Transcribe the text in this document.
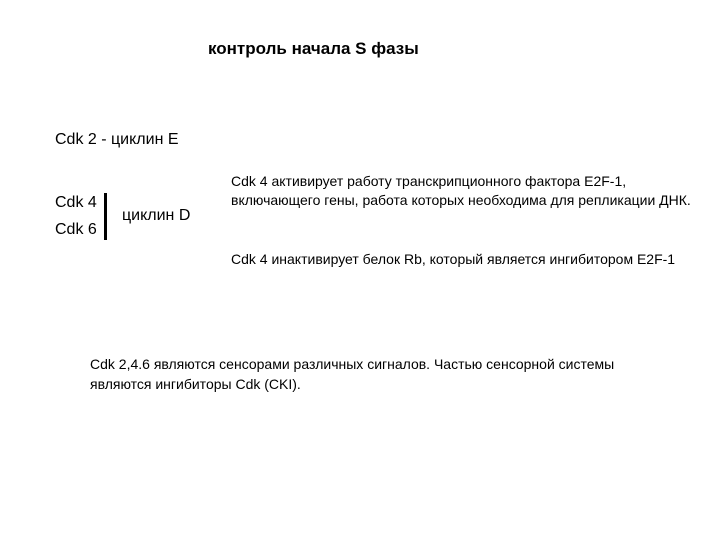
контроль начала S фазы
Cdk 2 - циклин E
Cdk 4
Cdk 6
циклин D
Cdk 4 активирует работу транскрипционного фактора E2F-1, включающего гены, работа которых необходима для репликации ДНК.
Cdk 4 инактивирует белок Rb, который является ингибитором E2F-1
Cdk 2,4.6 являются сенсорами различных сигналов. Частью сенсорной системы являются ингибиторы Cdk (CKI).
